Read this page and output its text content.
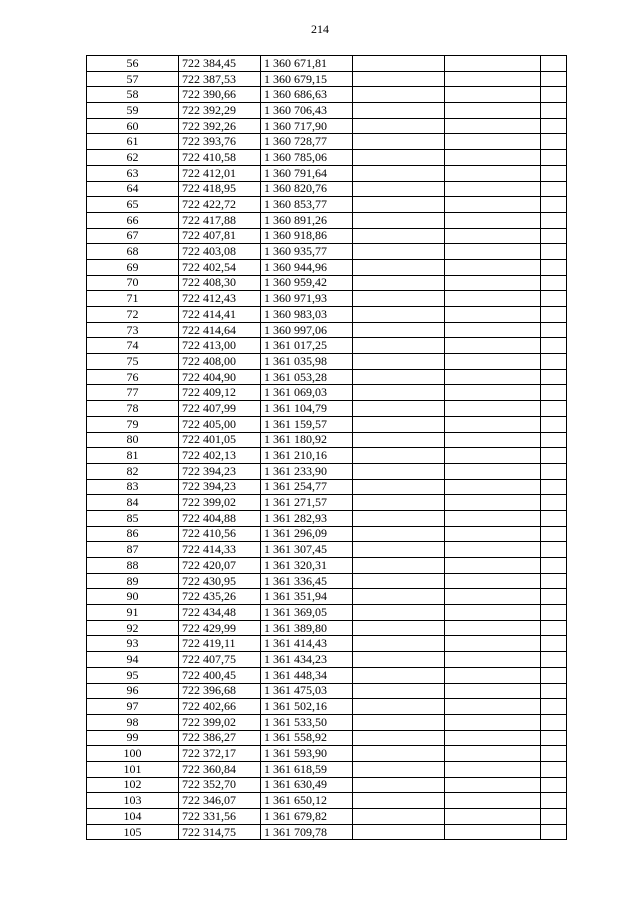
214
56	722 384,45	1 360 671,81			
57	722 387,53	1 360 679,15			
58	722 390,66	1 360 686,63			
59	722 392,29	1 360 706,43			
60	722 392,26	1 360 717,90			
61	722 393,76	1 360 728,77			
62	722 410,58	1 360 785,06			
63	722 412,01	1 360 791,64			
64	722 418,95	1 360 820,76			
65	722 422,72	1 360 853,77			
66	722 417,88	1 360 891,26			
67	722 407,81	1 360 918,86			
68	722 403,08	1 360 935,77			
69	722 402,54	1 360 944,96			
70	722 408,30	1 360 959,42			
71	722 412,43	1 360 971,93			
72	722 414,41	1 360 983,03			
73	722 414,64	1 360 997,06			
74	722 413,00	1 361 017,25			
75	722 408,00	1 361 035,98			
76	722 404,90	1 361 053,28			
77	722 409,12	1 361 069,03			
78	722 407,99	1 361 104,79			
79	722 405,00	1 361 159,57			
80	722 401,05	1 361 180,92			
81	722 402,13	1 361 210,16			
82	722 394,23	1 361 233,90			
83	722 394,23	1 361 254,77			
84	722 399,02	1 361 271,57			
85	722 404,88	1 361 282,93			
86	722 410,56	1 361 296,09			
87	722 414,33	1 361 307,45			
88	722 420,07	1 361 320,31			
89	722 430,95	1 361 336,45			
90	722 435,26	1 361 351,94			
91	722 434,48	1 361 369,05			
92	722 429,99	1 361 389,80			
93	722 419,11	1 361 414,43			
94	722 407,75	1 361 434,23			
95	722 400,45	1 361 448,34			
96	722 396,68	1 361 475,03			
97	722 402,66	1 361 502,16			
98	722 399,02	1 361 533,50			
99	722 386,27	1 361 558,92			
100	722 372,17	1 361 593,90			
101	722 360,84	1 361 618,59			
102	722 352,70	1 361 630,49			
103	722 346,07	1 361 650,12			
104	722 331,56	1 361 679,82			
105	722 314,75	1 361 709,78			
